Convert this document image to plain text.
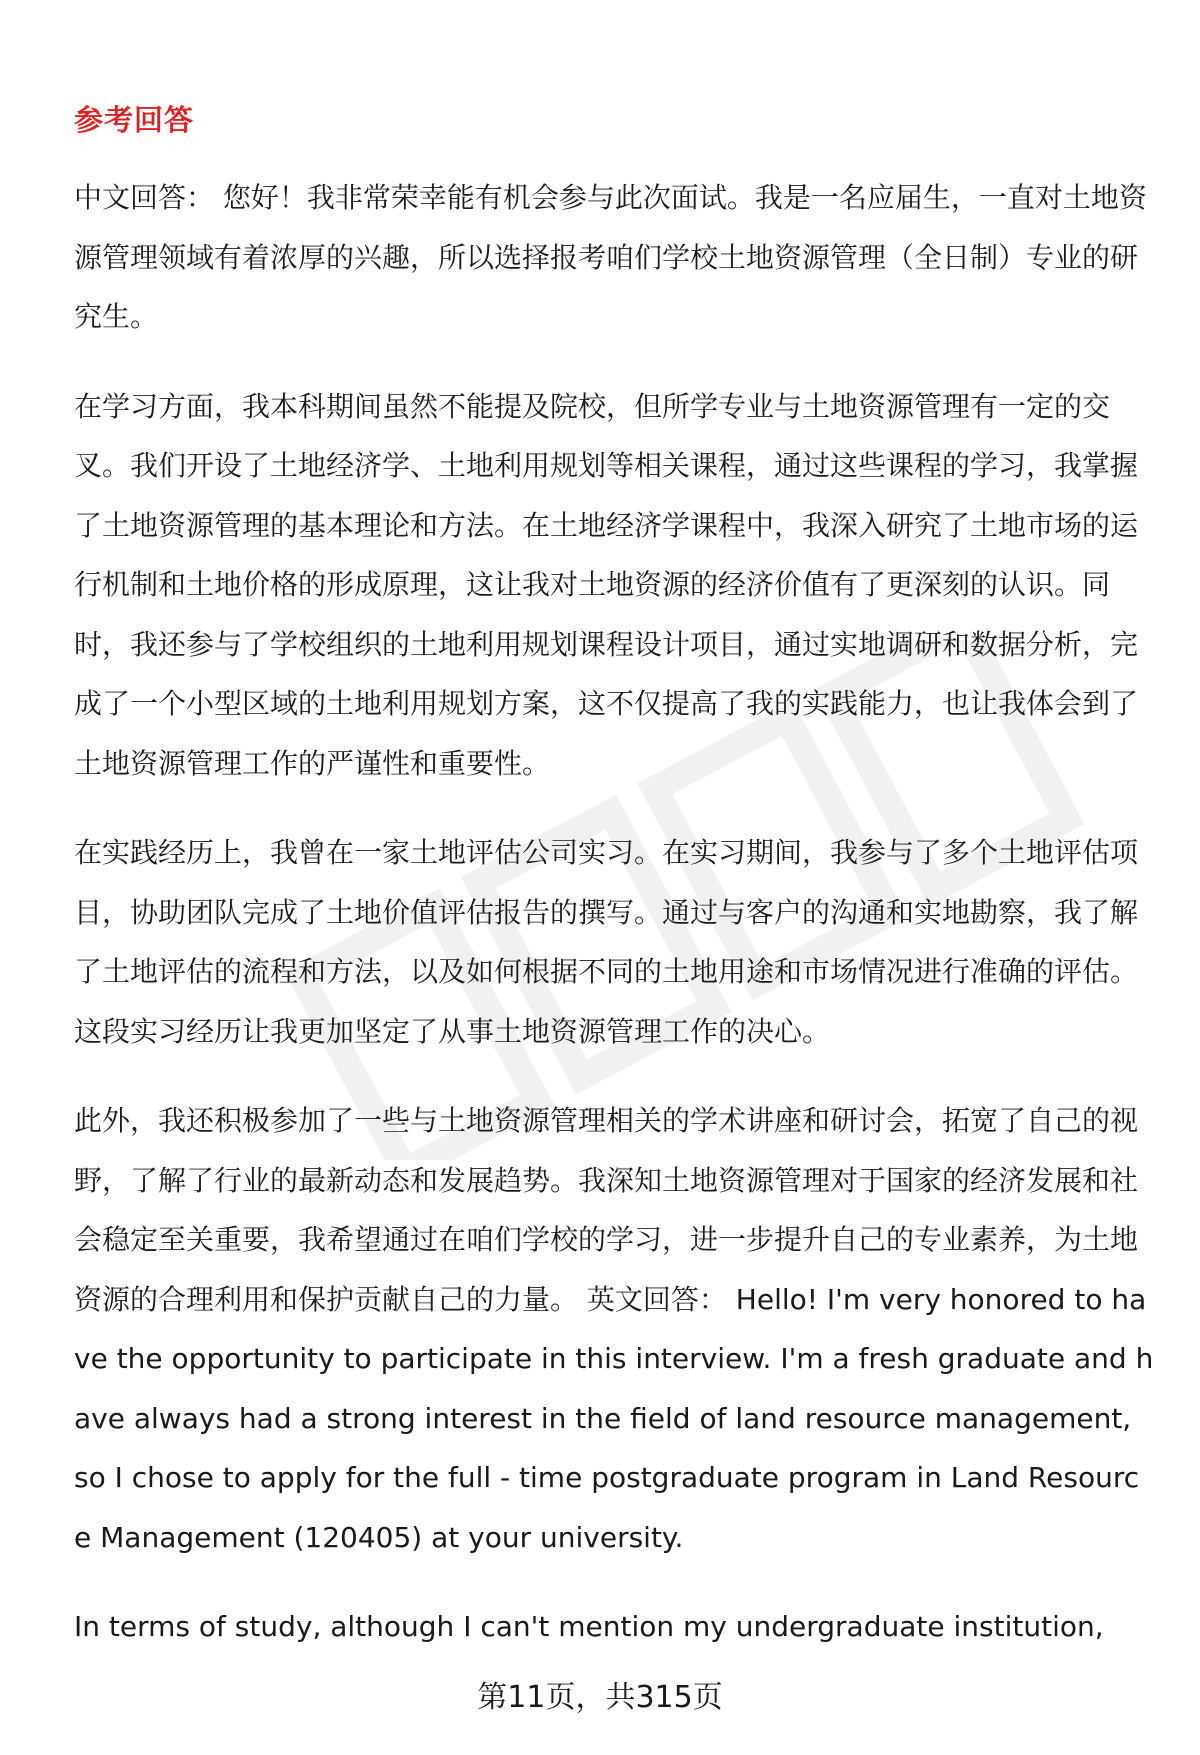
参考回答

中文回答： 您好！我非常荣幸能有机会参与此次面试。我是一名应届生，一直对土地资源管理领域有着浓厚的兴趣，所以选择报考咱们学校土地资源管理（全日制）专业的研究生。

在学习方面，我本科期间虽然不能提及院校，但所学专业与土地资源管理有一定的交叉。我们开设了土地经济学、土地利用规划等相关课程，通过这些课程的学习，我掌握了土地资源管理的基本理论和方法。在土地经济学课程中，我深入研究了土地市场的运行机制和土地价格的形成原理，这让我对土地资源的经济价值有了更深刻的认识。同时，我还参与了学校组织的土地利用规划课程设计项目，通过实地调研和数据分析，完成了一个小型区域的土地利用规划方案，这不仅提高了我的实践能力，也让我体会到了土地资源管理工作的严谨性和重要性。

在实践经历上，我曾在一家土地评估公司实习。在实习期间，我参与了多个土地评估项目，协助团队完成了土地价值评估报告的撰写。通过与客户的沟通和实地勘察，我了解了土地评估的流程和方法，以及如何根据不同的土地用途和市场情况进行准确的评估。这段实习经历让我更加坚定了从事土地资源管理工作的决心。

此外，我还积极参加了一些与土地资源管理相关的学术讲座和研讨会，拓宽了自己的视野，了解了行业的最新动态和发展趋势。我深知土地资源管理对于国家的经济发展和社会稳定至关重要，我希望通过在咱们学校的学习，进一步提升自己的专业素养，为土地资源的合理利用和保护贡献自己的力量。 英文回答： Hello! I'm very honored to have the opportunity to participate in this interview. I'm a fresh graduate and have always had a strong interest in the field of land resource management, so I chose to apply for the full - time postgraduate program in Land Resource Management (120405) at your university.

In terms of study, although I can't mention my undergraduate institution,

第11页，共315页
